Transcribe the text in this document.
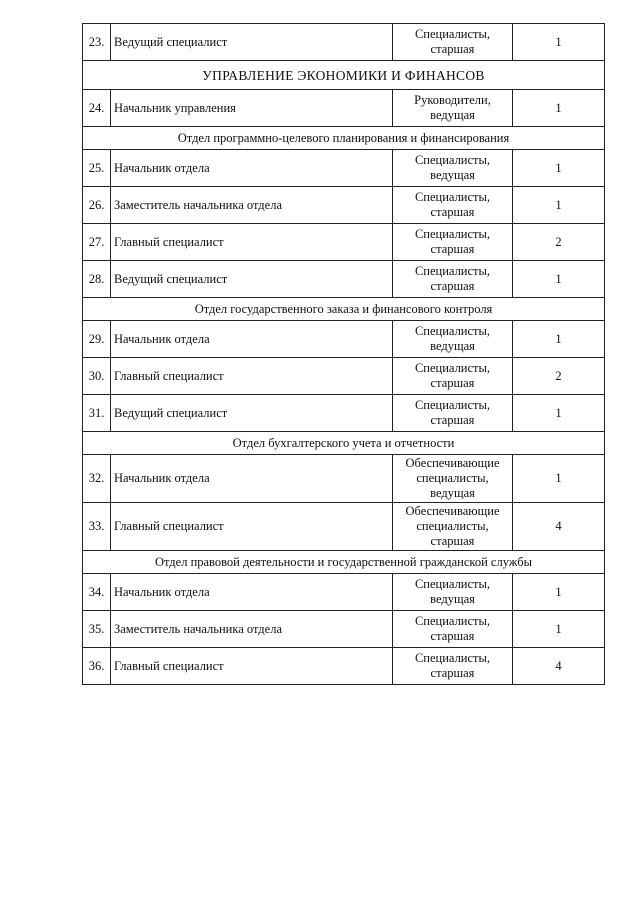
23.	Ведущий специалист	Специалисты,
старшая	1
УПРАВЛЕНИЕ ЭКОНОМИКИ И ФИНАНСОВ			
24.	Начальник управления	Руководители,
ведущая	1
Отдел программно-целевого планирования и финансирования			
25.	Начальник отдела	Специалисты,
ведущая	1
26.	Заместитель начальника отдела	Специалисты,
старшая	1
27.	Главный специалист	Специалисты,
старшая	2
28.	Ведущий специалист	Специалисты,
старшая	1
Отдел государственного заказа и финансового контроля			
29.	Начальник отдела	Специалисты,
ведущая	1
30.	Главный специалист	Специалисты,
старшая	2
31.	Ведущий специалист	Специалисты,
старшая	1
Отдел бухгалтерского учета и отчетности			
32.	Начальник отдела	Обеспечивающие
специалисты,
ведущая	1
33.	Главный специалист	Обеспечивающие
специалисты,
старшая	4
Отдел правовой деятельности и государственной гражданской службы			
34.	Начальник отдела	Специалисты,
ведущая	1
35.	Заместитель начальника отдела	Специалисты,
старшая	1
36.	Главный специалист	Специалисты,
старшая	4
